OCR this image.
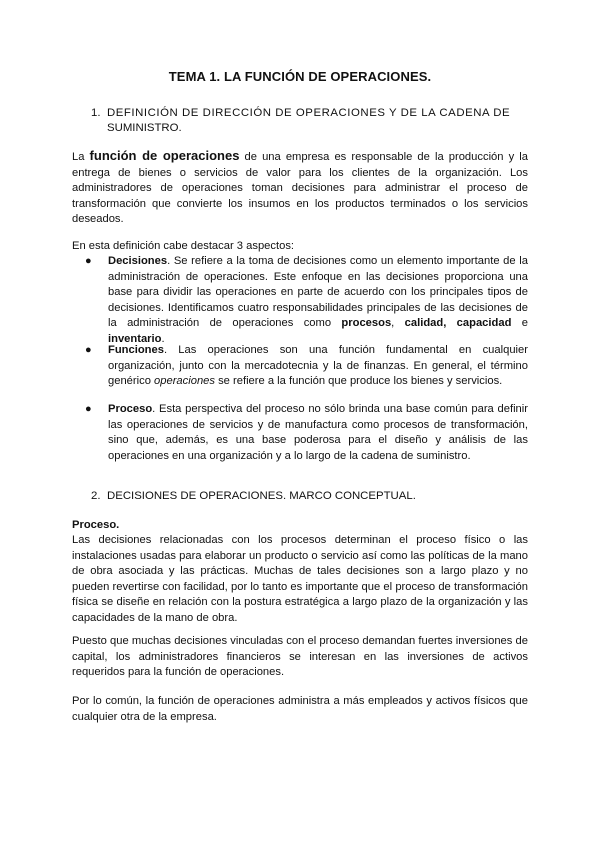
TEMA 1. LA FUNCIÓN DE OPERACIONES.
1. DEFINICIÓN DE DIRECCIÓN DE OPERACIONES Y DE LA CADENA DE
SUMINISTRO.
La función de operaciones de una empresa es responsable de la producción y la entrega de bienes o servicios de valor para los clientes de la organización. Los administradores de operaciones toman decisiones para administrar el proceso de transformación que convierte los insumos en los productos terminados o los servicios deseados.
En esta definición cabe destacar 3 aspectos:
● Decisiones. Se refiere a la toma de decisiones como un elemento importante de la administración de operaciones. Este enfoque en las decisiones proporciona una base para dividir las operaciones en parte de acuerdo con los principales tipos de decisiones. Identificamos cuatro responsabilidades principales de las decisiones de la administración de operaciones como procesos, calidad, capacidad e inventario.
● Funciones. Las operaciones son una función fundamental en cualquier organización, junto con la mercadotecnia y la de finanzas. En general, el término genérico operaciones se refiere a la función que produce los bienes y servicios.
● Proceso. Esta perspectiva del proceso no sólo brinda una base común para definir las operaciones de servicios y de manufactura como procesos de transformación, sino que, además, es una base poderosa para el diseño y análisis de las operaciones en una organización y a lo largo de la cadena de suministro.
2. DECISIONES DE OPERACIONES. MARCO CONCEPTUAL.
Proceso.
Las decisiones relacionadas con los procesos determinan el proceso físico o las instalaciones usadas para elaborar un producto o servicio así como las políticas de la mano de obra asociada y las prácticas. Muchas de tales decisiones son a largo plazo y no pueden revertirse con facilidad, por lo tanto es importante que el proceso de transformación física se diseñe en relación con la postura estratégica a largo plazo de la organización y las capacidades de la mano de obra.
Puesto que muchas decisiones vinculadas con el proceso demandan fuertes inversiones de capital, los administradores financieros se interesan en las inversiones de activos requeridos para la función de operaciones.
Por lo común, la función de operaciones administra a más empleados y activos físicos que cualquier otra de la empresa.
